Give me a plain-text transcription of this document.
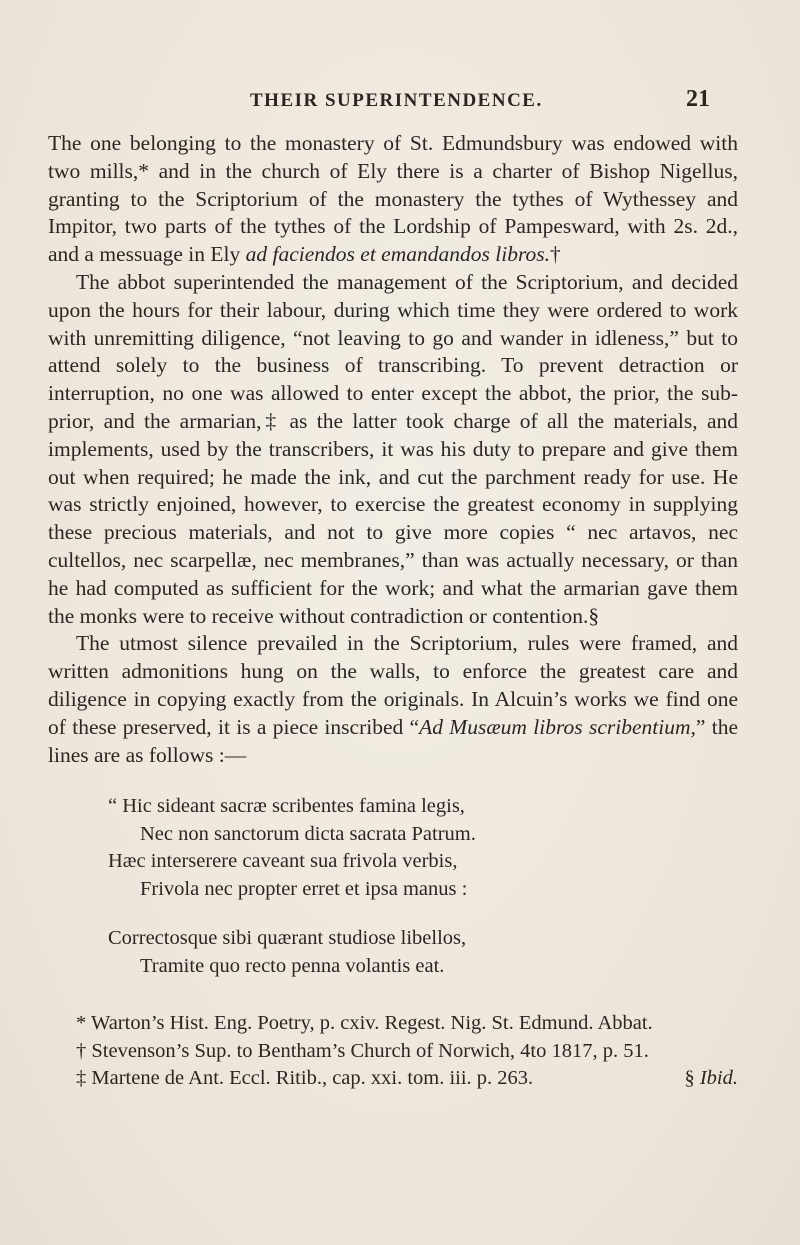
THEIR SUPERINTENDENCE.	21

The one belonging to the monastery of St. Edmundsbury was endowed with two mills,* and in the church of Ely there is a charter of Bishop Nigellus, granting to the Scriptorium of the monastery the tythes of Wythessey and Impitor, two parts of the tythes of the Lordship of Pampesward, with 2s. 2d., and a messuage in Ely ad faciendos et emandandos libros.†

The abbot superintended the management of the Scriptorium, and decided upon the hours for their labour, during which time they were ordered to work with unremitting diligence, “not leaving to go and wander in idleness,” but to attend solely to the business of transcribing. To prevent detraction or interruption, no one was allowed to enter except the abbot, the prior, the sub-prior, and the armarian,‡ as the latter took charge of all the materials, and implements, used by the transcribers, it was his duty to prepare and give them out when required; he made the ink, and cut the parchment ready for use. He was strictly enjoined, however, to exercise the greatest economy in supplying these precious materials, and not to give more copies “ nec artavos, nec cultellos, nec scarpellæ, nec membranes,” than was actually necessary, or than he had computed as sufficient for the work; and what the armarian gave them the monks were to receive without contradiction or contention.§

The utmost silence prevailed in the Scriptorium, rules were framed, and written admonitions hung on the walls, to enforce the greatest care and diligence in copying exactly from the originals. In Alcuin’s works we find one of these preserved, it is a piece inscribed “Ad Musæum libros scribentium,” the lines are as follows :—

“ Hic sideant sacræ scribentes famina legis,
Nec non sanctorum dicta sacrata Patrum.
Hæc interserere caveant sua frivola verbis,
Frivola nec propter erret et ipsa manus :
Correctosque sibi quærant studiose libellos,
Tramite quo recto penna volantis eat.

* Warton’s Hist. Eng. Poetry, p. cxiv. Regest. Nig. St. Edmund. Abbat.

† Stevenson’s Sup. to Bentham’s Church of Norwich, 4to 1817, p. 51.

‡ Martene de Ant. Eccl. Ritib., cap. xxi. tom. iii. p. 263.	§ Ibid.
